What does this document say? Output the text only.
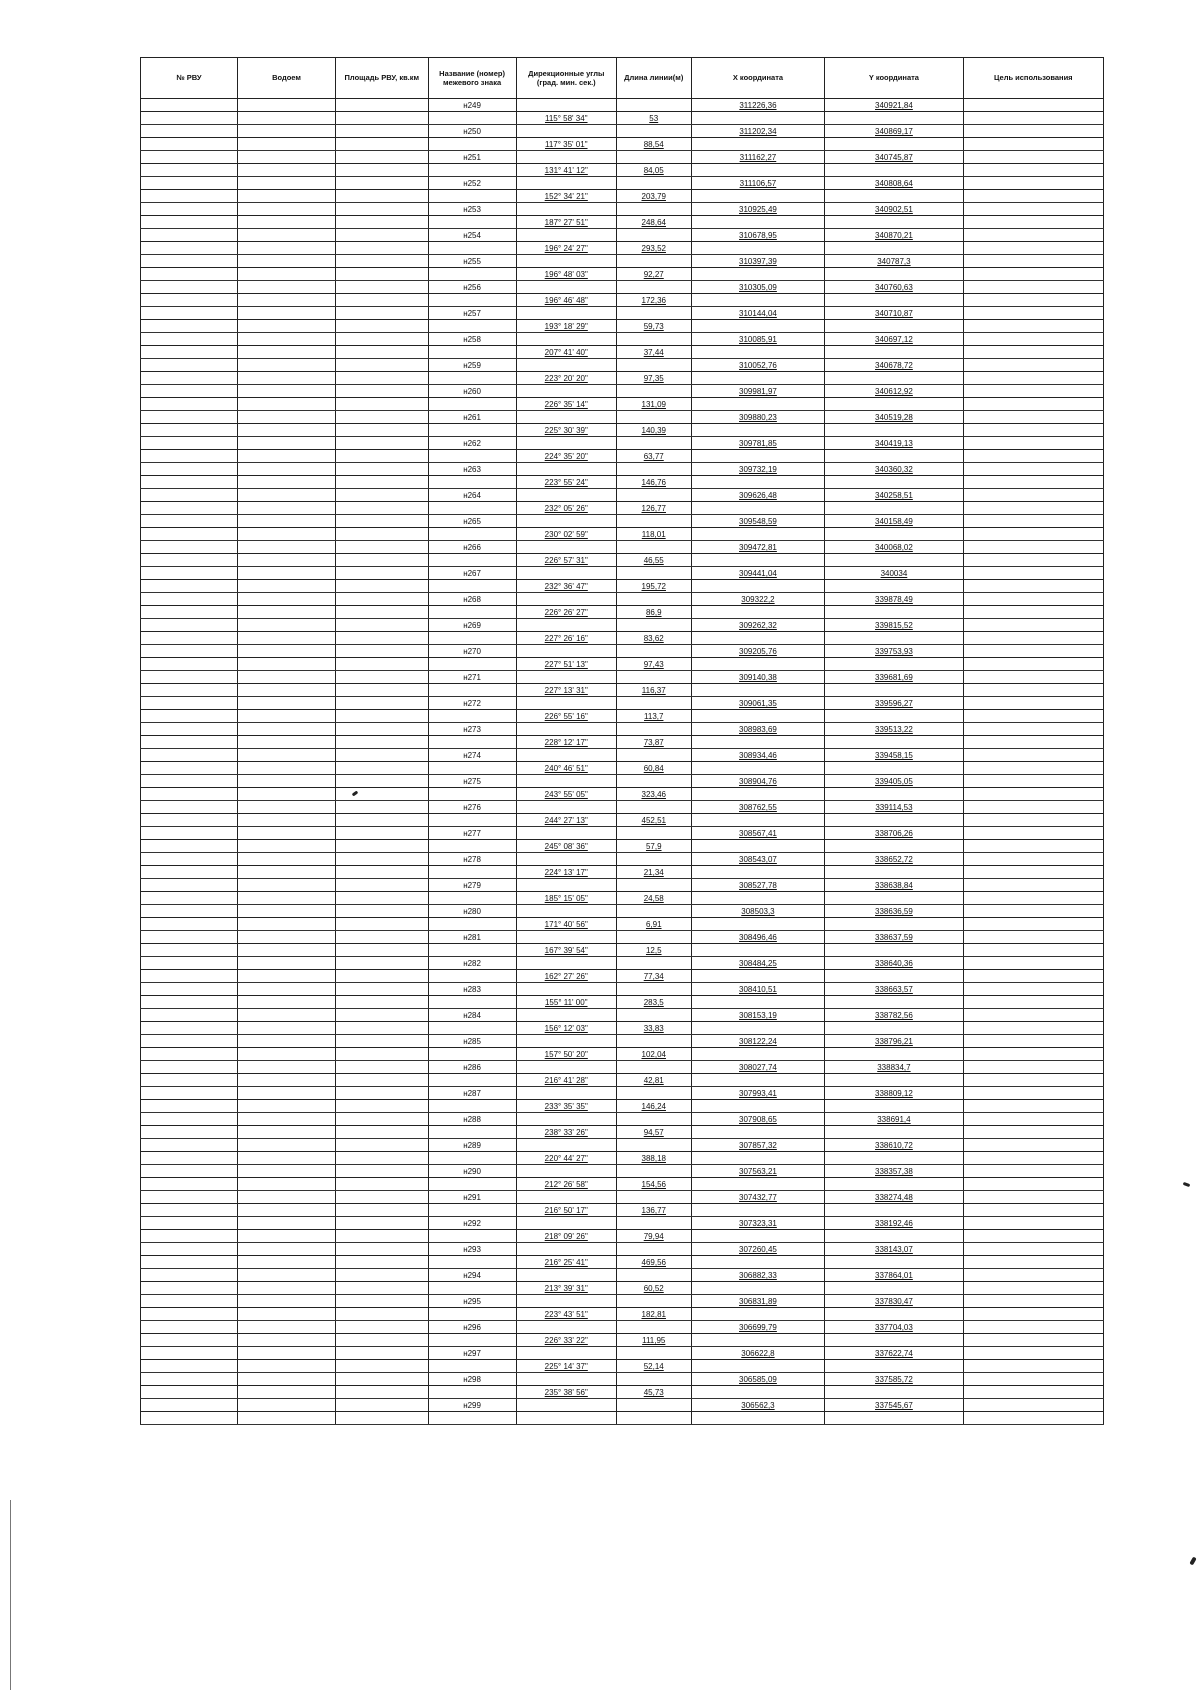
№ РВУ	Водоем	Площадь РВУ, кв.км	Название (номер) межевого знака	Дирекционные углы (град. мин. сек.)	Длина линии(м)	X координата	Y координата	Цель использования
			н249			311226,36	340921,84	
				115° 58' 34"	53			
			н250			311202,34	340869,17	
				117° 35' 01"	88,54			
			н251			311162,27	340745,87	
				131° 41' 12"	84,05			
			н252			311106,57	340808,64	
				152° 34' 21"	203,79			
			н253			310925,49	340902,51	
				187° 27' 51"	248,64			
			н254			310678,95	340870,21	
				196° 24' 27"	293,52			
			н255			310397,39	340787,3	
				196° 48' 03"	92,27			
			н256			310305,09	340760,63	
				196° 46' 48"	172,36			
			н257			310144,04	340710,87	
				193° 18' 29"	59,73			
			н258			310085,91	340697,12	
				207° 41' 40"	37,44			
			н259			310052,76	340678,72	
				223° 20' 20"	97,35			
			н260			309981,97	340612,92	
				226° 35' 14"	131,09			
			н261			309880,23	340519,28	
				225° 30' 39"	140,39			
			н262			309781,85	340419,13	
				224° 35' 20"	63,77			
			н263			309732,19	340360,32	
				223° 55' 24"	146,76			
			н264			309626,48	340258,51	
				232° 05' 26"	126,77			
			н265			309548,59	340158,49	
				230° 02' 59"	118,01			
			н266			309472,81	340068,02	
				226° 57' 31"	46,55			
			н267			309441,04	340034	
				232° 36' 47"	195,72			
			н268			309322,2	339878,49	
				226° 26' 27"	86,9			
			н269			309262,32	339815,52	
				227° 26' 16"	83,62			
			н270			309205,76	339753,93	
				227° 51' 13"	97,43			
			н271			309140,38	339681,69	
				227° 13' 31"	116,37			
			н272			309061,35	339596,27	
				226° 55' 16"	113,7			
			н273			308983,69	339513,22	
				228° 12' 17"	73,87			
			н274			308934,46	339458,15	
				240° 46' 51"	60,84			
			н275			308904,76	339405,05	
				243° 55' 05"	323,46			
			н276			308762,55	339114,53	
				244° 27' 13"	452,51			
			н277			308567,41	338706,26	
				245° 08' 36"	57,9			
			н278			308543,07	338652,72	
				224° 13' 17"	21,34			
			н279			308527,78	338638,84	
				185° 15' 05"	24,58			
			н280			308503,3	338636,59	
				171° 40' 56"	6,91			
			н281			308496,46	338637,59	
				167° 39' 54"	12,5			
			н282			308484,25	338640,36	
				162° 27' 26"	77,34			
			н283			308410,51	338663,57	
				155° 11' 00"	283,5			
			н284			308153,19	338782,56	
				156° 12' 03"	33,83			
			н285			308122,24	338796,21	
				157° 50' 20"	102,04			
			н286			308027,74	338834,7	
				216° 41' 28"	42,81			
			н287			307993,41	338809,12	
				233° 35' 35"	146,24			
			н288			307908,65	338691,4	
				238° 33' 26"	94,57			
			н289			307857,32	338610,72	
				220° 44' 27"	388,18			
			н290			307563,21	338357,38	
				212° 26' 58"	154,56			
			н291			307432,77	338274,48	
				216° 50' 17"	136,77			
			н292			307323,31	338192,46	
				218° 09' 26"	79,94			
			н293			307260,45	338143,07	
				216° 25' 41"	469,56			
			н294			306882,33	337864,01	
				213° 39' 31"	60,52			
			н295			306831,89	337830,47	
				223° 43' 51"	182,81			
			н296			306699,79	337704,03	
				226° 33' 22"	111,95			
			н297			306622,8	337622,74	
				225° 14' 37"	52,14			
			н298			306585,09	337585,72	
				235° 38' 56"	45,73			
			н299			306562,3	337545,67	
